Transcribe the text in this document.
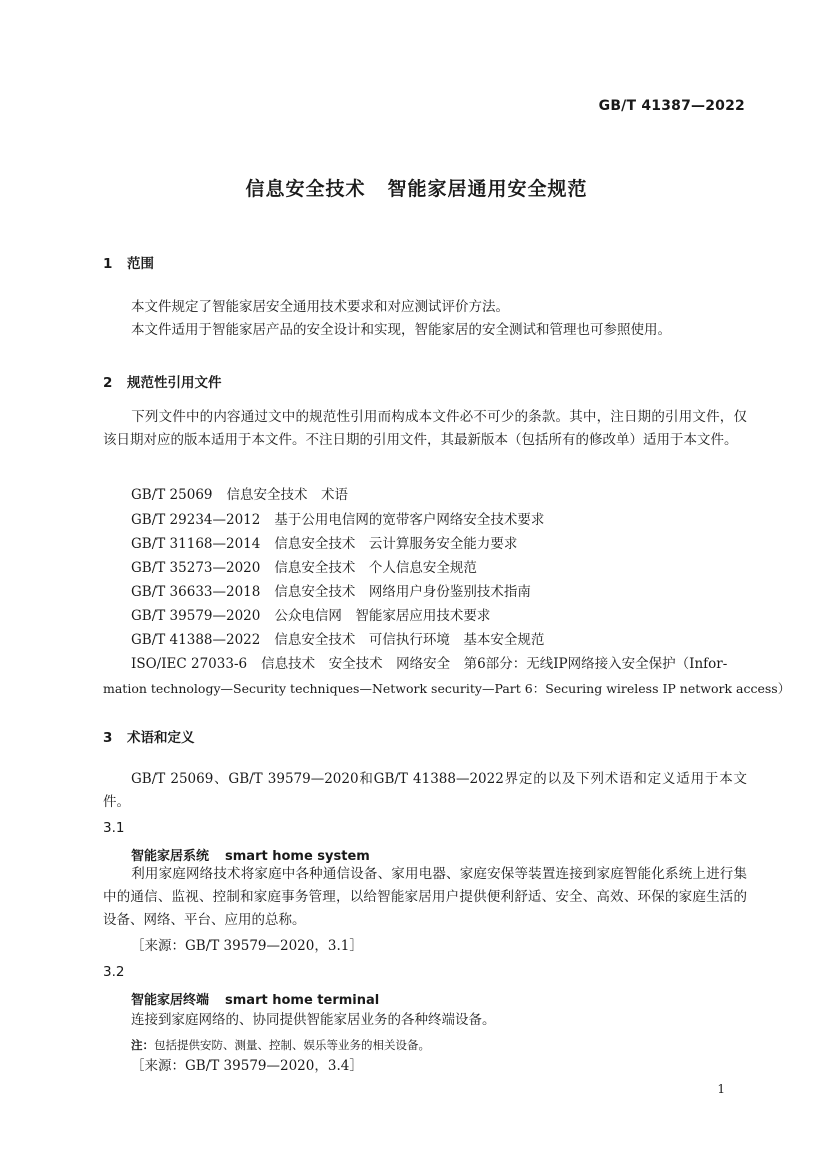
GB/T 41387—2022
信息安全技术 智能家居通用安全规范
1 范围
本文件规定了智能家居安全通用技术要求和对应测试评价方法。
本文件适用于智能家居产品的安全设计和实现，智能家居的安全测试和管理也可参照使用。
2 规范性引用文件
下列文件中的内容通过文中的规范性引用而构成本文件必不可少的条款。其中，注日期的引用文件，仅该日期对应的版本适用于本文件。不注日期的引用文件，其最新版本（包括所有的修改单）适用于本文件。
GB/T 25069 信息安全技术　术语
GB/T 29234—2012 基于公用电信网的宽带客户网络安全技术要求
GB/T 31168—2014 信息安全技术　云计算服务安全能力要求
GB/T 35273—2020 信息安全技术　个人信息安全规范
GB/T 36633—2018 信息安全技术　网络用户身份鉴别技术指南
GB/T 39579—2020 公众电信网　智能家居应用技术要求
GB/T 41388—2022 信息安全技术　可信执行环境　基本安全规范
ISO/IEC 27033-6 信息技术　安全技术　网络安全　第6部分：无线IP网络接入安全保护（Infor-
mation technology—Security techniques—Network security—Part 6：Securing wireless IP network access）
3 术语和定义
GB/T 25069、GB/T 39579—2020和GB/T 41388—2022界定的以及下列术语和定义适用于本文件。
3.1
智能家居系统 smart home system
利用家庭网络技术将家庭中各种通信设备、家用电器、家庭安保等装置连接到家庭智能化系统上进行集中的通信、监视、控制和家庭事务管理，以给智能家居用户提供便利舒适、安全、高效、环保的家庭生活的设备、网络、平台、应用的总称。
［来源：GB/T 39579—2020，3.1］
3.2
智能家居终端 smart home terminal
连接到家庭网络的、协同提供智能家居业务的各种终端设备。
注：包括提供安防、测量、控制、娱乐等业务的相关设备。
［来源：GB/T 39579—2020，3.4］
1
